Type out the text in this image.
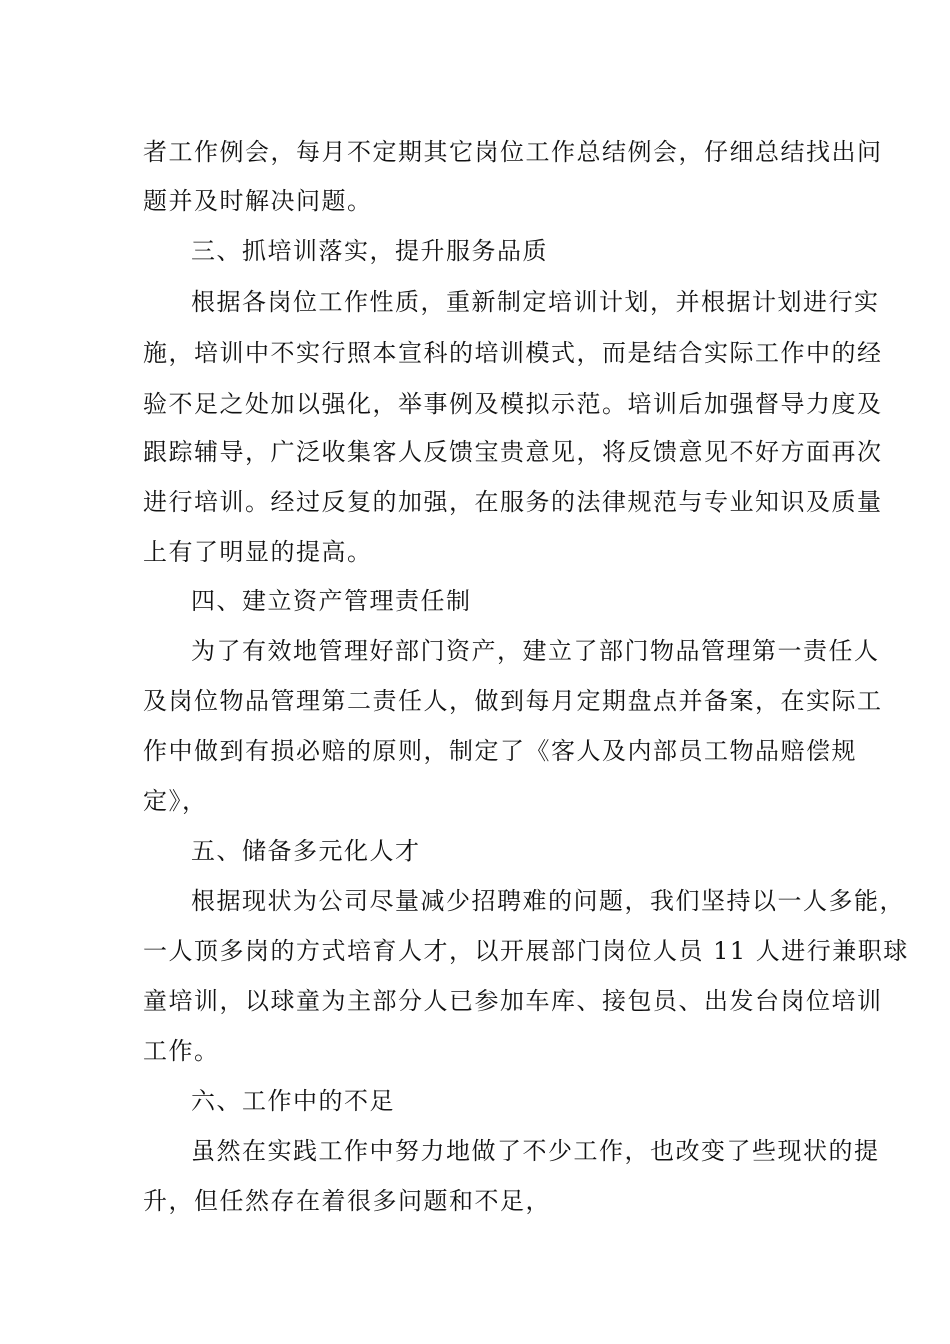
者工作例会，每月不定期其它岗位工作总结例会，仔细总结找出问
题并及时解决问题。
三、抓培训落实，提升服务品质
根据各岗位工作性质，重新制定培训计划，并根据计划进行实
施，培训中不实行照本宣科的培训模式，而是结合实际工作中的经
验不足之处加以强化，举事例及模拟示范。培训后加强督导力度及
跟踪辅导，广泛收集客人反馈宝贵意见，将反馈意见不好方面再次
进行培训。经过反复的加强，在服务的法律规范与专业知识及质量
上有了明显的提高。
四、建立资产管理责任制
为了有效地管理好部门资产，建立了部门物品管理第一责任人
及岗位物品管理第二责任人，做到每月定期盘点并备案，在实际工
作中做到有损必赔的原则，制定了《客人及内部员工物品赔偿规
定》，
五、储备多元化人才
根据现状为公司尽量减少招聘难的问题，我们坚持以一人多能，
一人顶多岗的方式培育人才，以开展部门岗位人员 11 人进行兼职球
童培训，以球童为主部分人已参加车库、接包员、出发台岗位培训
工作。
六、工作中的不足
虽然在实践工作中努力地做了不少工作，也改变了些现状的提
升，但任然存在着很多问题和不足，
